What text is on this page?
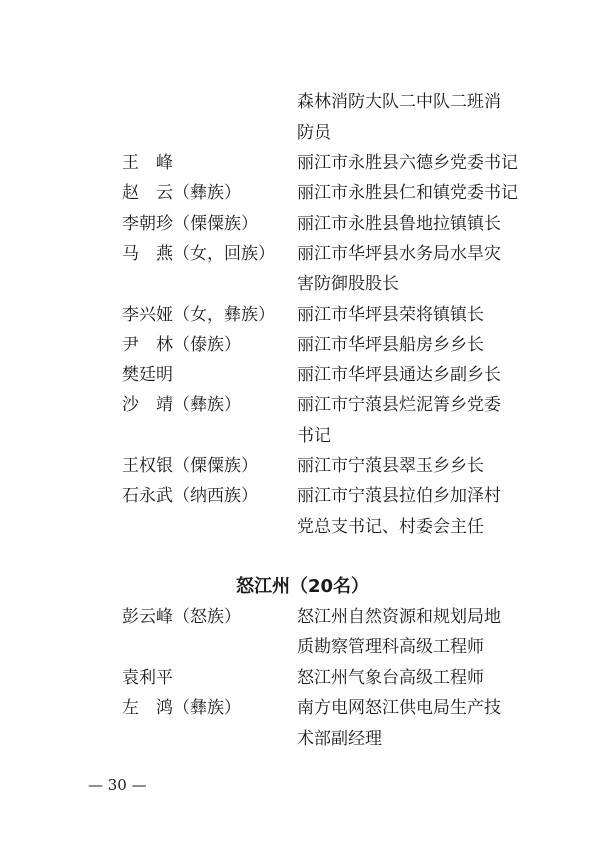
森林消防大队二中队二班消
防员
王　峰	丽江市永胜县六德乡党委书记
赵　云（彝族）	丽江市永胜县仁和镇党委书记
李朝珍（傈僳族） 丽江市永胜县鲁地拉镇镇长
马　燕（女，回族） 丽江市华坪县水务局水旱灾
害防御股股长
李兴娅（女，彝族） 丽江市华坪县荣将镇镇长
尹　林（傣族）	丽江市华坪县船房乡乡长
樊廷明	丽江市华坪县通达乡副乡长
沙　靖（彝族）	丽江市宁蒗县烂泥箐乡党委
书记
王权银（傈僳族） 丽江市宁蒗县翠玉乡乡长
石永武（纳西族） 丽江市宁蒗县拉伯乡加泽村
党总支书记、村委会主任
怒江州（20名）
彭云峰（怒族）	怒江州自然资源和规划局地
质勘察管理科高级工程师
袁利平	怒江州气象台高级工程师
左　鸿（彝族）	南方电网怒江供电局生产技
术部副经理
— 30 —
